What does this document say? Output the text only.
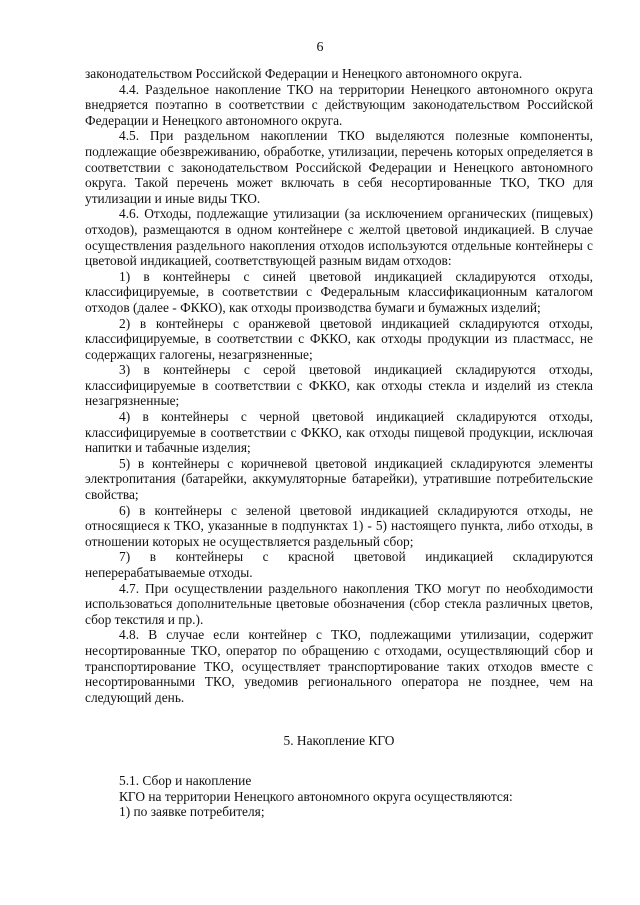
6

законодательством Российской Федерации и Ненецкого автономного округа.

4.4. Раздельное накопление ТКО на территории Ненецкого автономного округа внедряется поэтапно в соответствии с действующим законодательством Российской Федерации и Ненецкого автономного округа.

4.5. При раздельном накоплении ТКО выделяются полезные компоненты, подлежащие обезвреживанию, обработке, утилизации, перечень которых определяется в соответствии с законодательством Российской Федерации и Ненецкого автономного округа. Такой перечень может включать в себя несортированные ТКО, ТКО для утилизации и иные виды ТКО.

4.6. Отходы, подлежащие утилизации (за исключением органических (пищевых) отходов), размещаются в одном контейнере с желтой цветовой индикацией. В случае осуществления раздельного накопления отходов используются отдельные контейнеры с цветовой индикацией, соответствующей разным видам отходов:

1) в контейнеры с синей цветовой индикацией складируются отходы, классифицируемые, в соответствии с Федеральным классификационным каталогом отходов (далее - ФККО), как отходы производства бумаги и бумажных изделий;

2) в контейнеры с оранжевой цветовой индикацией складируются отходы, классифицируемые, в соответствии с ФККО, как отходы продукции из пластмасс, не содержащих галогены, незагрязненные;

3) в контейнеры с серой цветовой индикацией складируются отходы, классифицируемые в соответствии с ФККО, как отходы стекла и изделий из стекла незагрязненные;

4) в контейнеры с черной цветовой индикацией складируются отходы, классифицируемые в соответствии с ФККО, как отходы пищевой продукции, исключая напитки и табачные изделия;

5) в контейнеры с коричневой цветовой индикацией складируются элементы электропитания (батарейки, аккумуляторные батарейки), утратившие потребительские свойства;

6) в контейнеры с зеленой цветовой индикацией складируются отходы, не относящиеся к ТКО, указанные в подпунктах 1) - 5) настоящего пункта, либо отходы, в отношении которых не осуществляется раздельный сбор;

7) в контейнеры с красной цветовой индикацией складируются неперерабатываемые отходы.

4.7. При осуществлении раздельного накопления ТКО могут по необходимости использоваться дополнительные цветовые обозначения (сбор стекла различных цветов, сбор текстиля и пр.).

4.8. В случае если контейнер с ТКО, подлежащими утилизации, содержит несортированные ТКО, оператор по обращению с отходами, осуществляющий сбор и транспортирование ТКО, осуществляет транспортирование таких отходов вместе с несортированными ТКО, уведомив регионального оператора не позднее, чем на следующий день.

5. Накопление КГО

5.1. Сбор и накопление

КГО на территории Ненецкого автономного округа осуществляются:

1) по заявке потребителя;
